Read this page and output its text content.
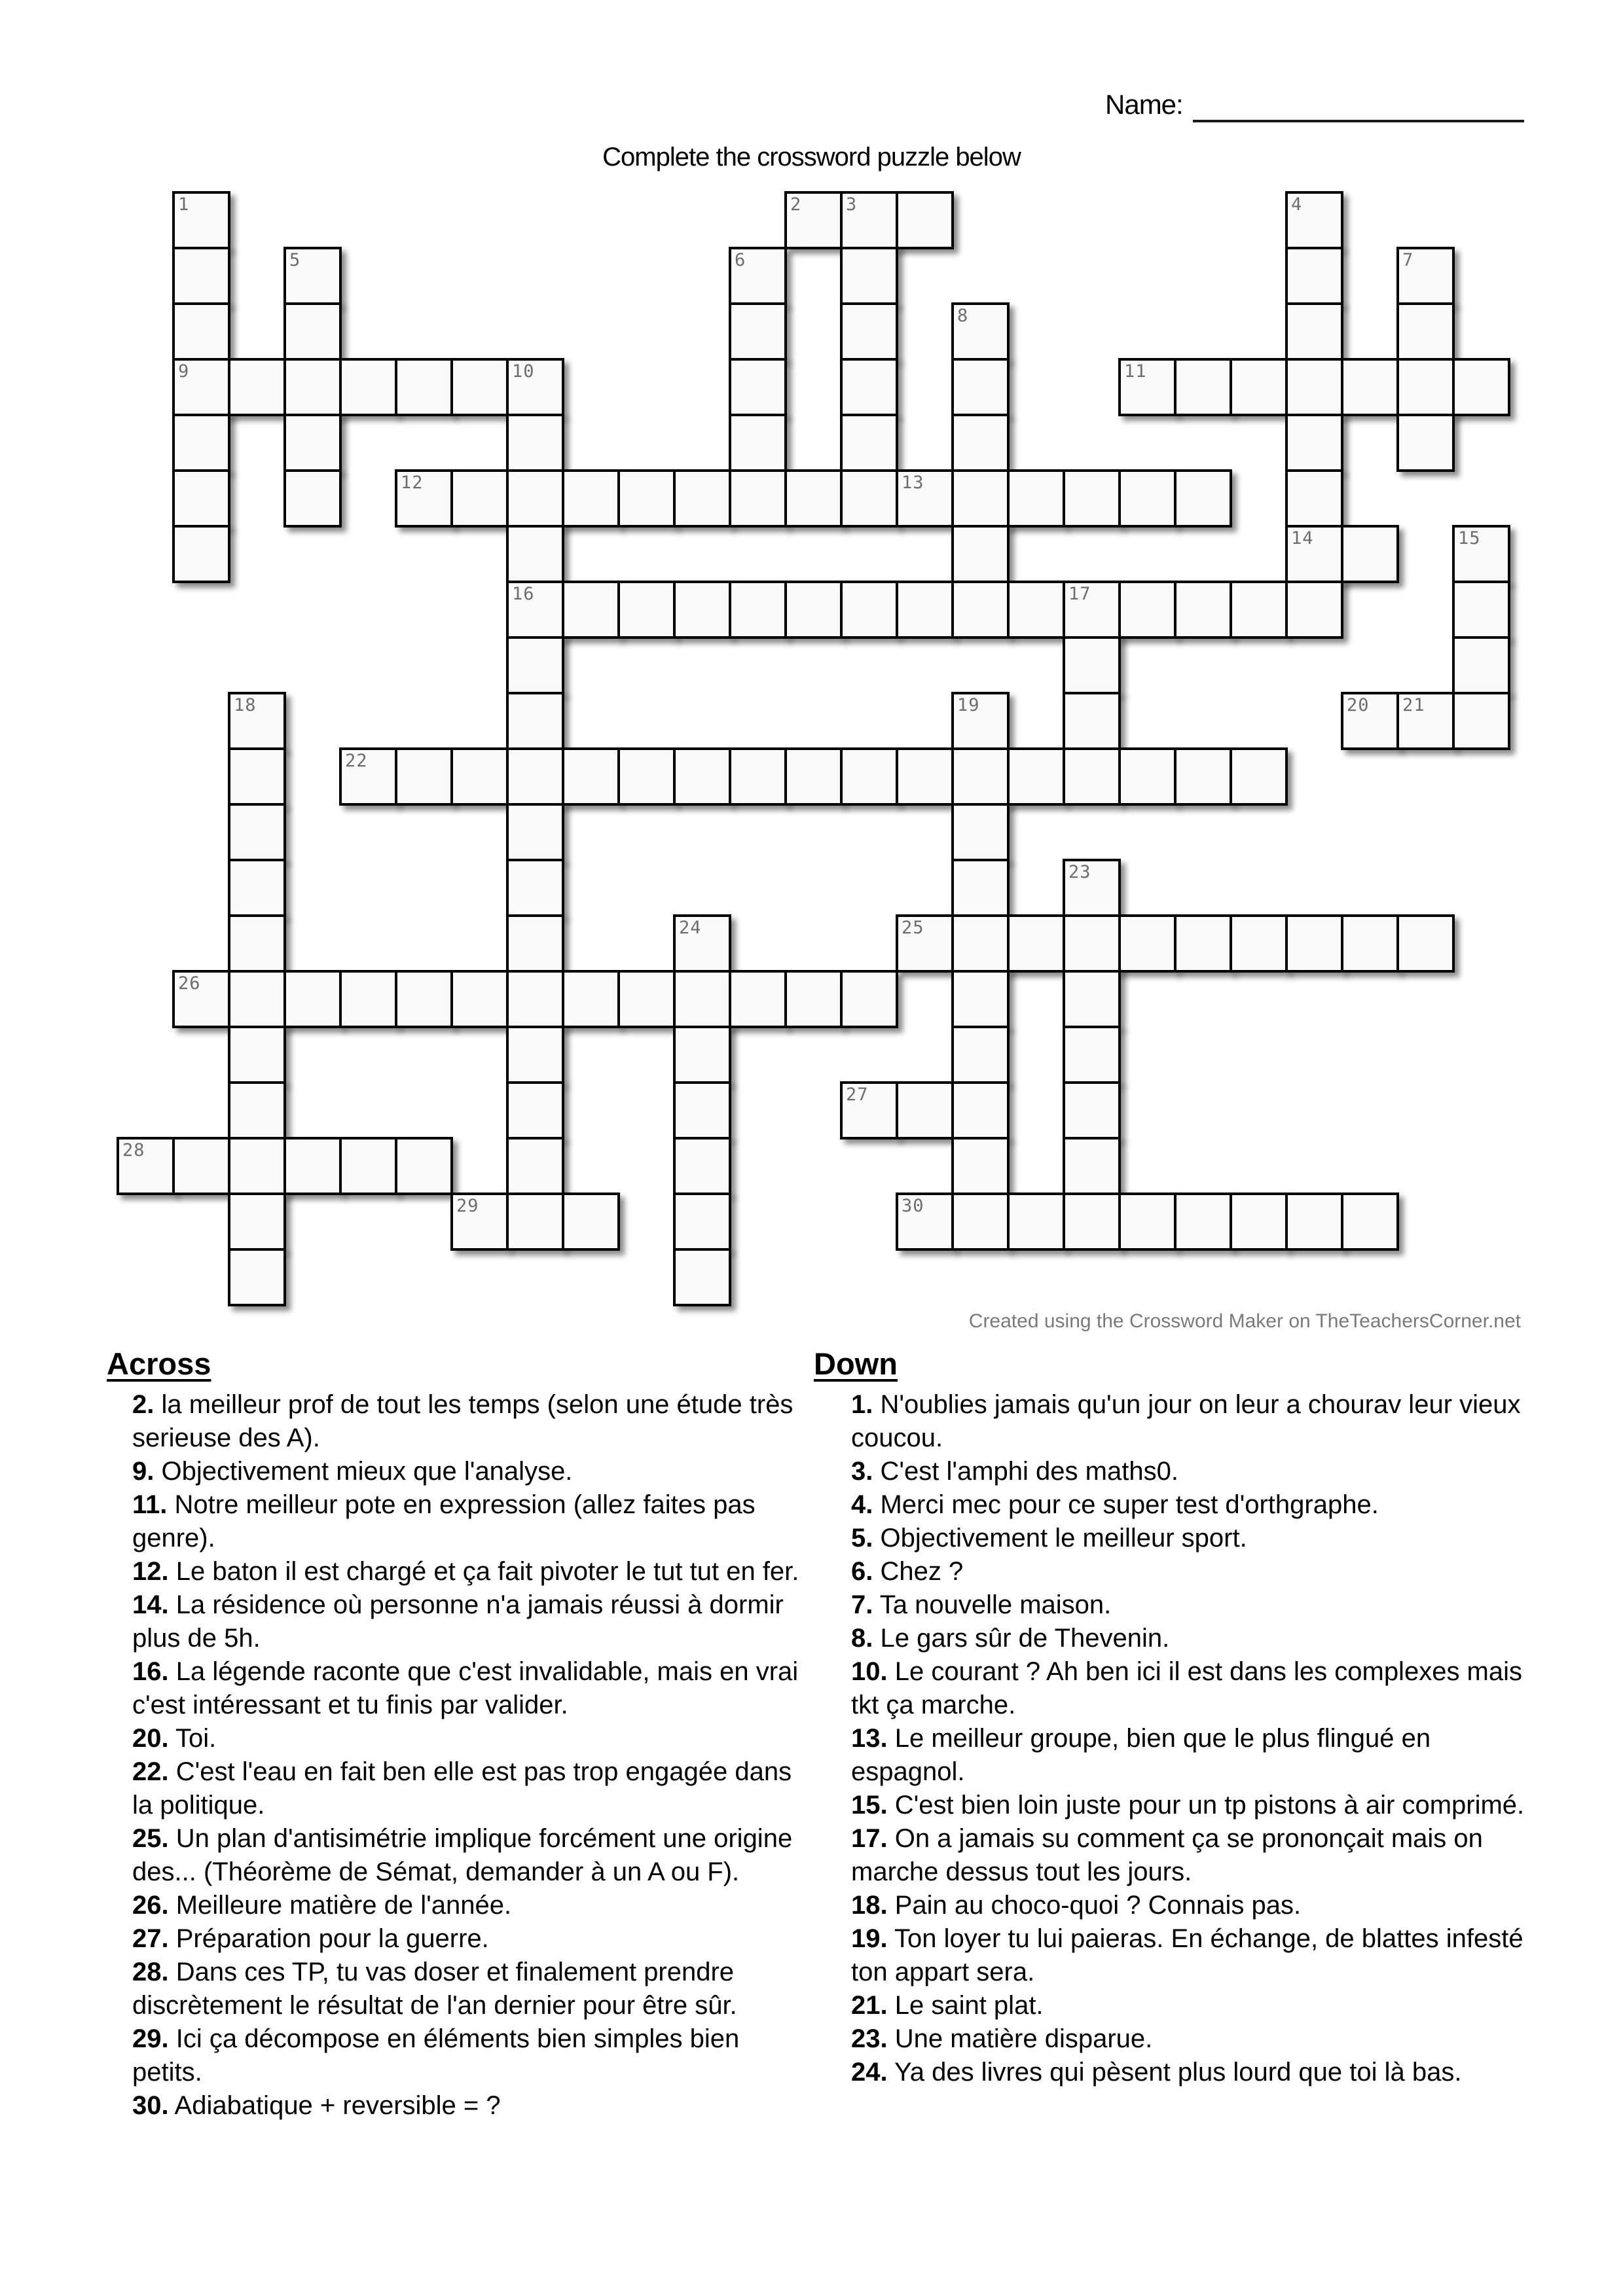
Name:
Complete the crossword puzzle below
1	2	3	4
5	6	7
8
9	10	11
12	13
14	15
16	17
18	19	20 21
22
23
24	25
26
27
28
29	30
Created using the Crossword Maker on TheTeachersCorner.net

Across

2. la meilleur prof de tout les temps (selon une étude très serieuse des A).

9. Objectivement mieux que l'analyse.

11. Notre meilleur pote en expression (allez faites pas genre).

12. Le baton il est chargé et ça fait pivoter le tut tut en fer.

14. La résidence où personne n'a jamais réussi à dormir plus de 5h.

16. La légende raconte que c'est invalidable, mais en vrai c'est intéressant et tu finis par valider.

20. Toi.

22. C'est l'eau en fait ben elle est pas trop engagée dans la politique.

25. Un plan d'antisimétrie implique forcément une origine des... (Théorème de Sémat, demander à un A ou F).

26. Meilleure matière de l'année.

27. Préparation pour la guerre.

28. Dans ces TP, tu vas doser et finalement prendre discrètement le résultat de l'an dernier pour être sûr.

29. Ici ça décompose en éléments bien simples bien petits.

30. Adiabatique + reversible = ?

Down

1. N'oublies jamais qu'un jour on leur a chourav leur vieux coucou.

3. C'est l'amphi des maths0.

4. Merci mec pour ce super test d'orthgraphe.

5. Objectivement le meilleur sport.

6. Chez ?

7. Ta nouvelle maison.

8. Le gars sûr de Thevenin.

10. Le courant ? Ah ben ici il est dans les complexes mais tkt ça marche.

13. Le meilleur groupe, bien que le plus flingué en espagnol.

15. C'est bien loin juste pour un tp pistons à air comprimé.

17. On a jamais su comment ça se prononçait mais on marche dessus tout les jours.

18. Pain au choco-quoi ? Connais pas.

19. Ton loyer tu lui paieras. En échange, de blattes infesté ton appart sera.

21. Le saint plat.

23. Une matière disparue.

24. Ya des livres qui pèsent plus lourd que toi là bas.
